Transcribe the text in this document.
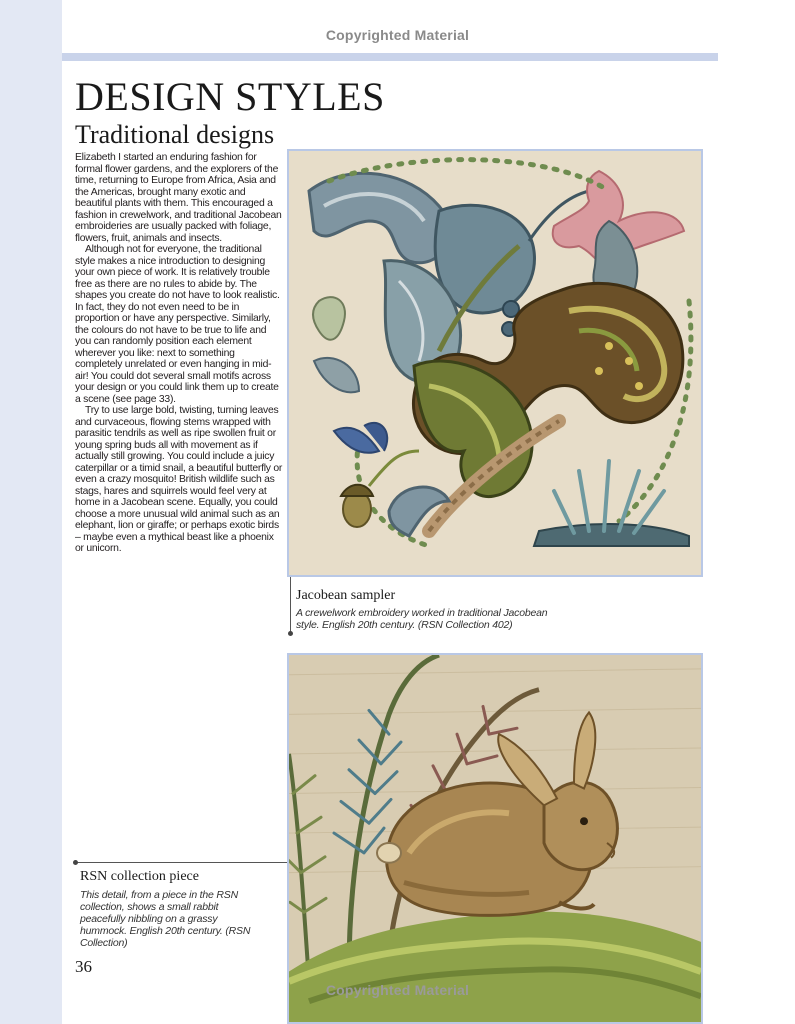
Copyrighted Material
DESIGN STYLES
Traditional designs

Elizabeth I started an enduring fashion for formal flower gardens, and the explorers of the time, returning to Europe from Africa, Asia and the Americas, brought many exotic and beautiful plants with them. This encouraged a fashion in crewelwork, and traditional Jacobean embroideries are usually packed with foliage, flowers, fruit, animals and insects.

Although not for everyone, the traditional style makes a nice introduction to designing your own piece of work. It is relatively trouble free as there are no rules to abide by. The shapes you create do not have to look realistic. In fact, they do not even need to be in proportion or have any perspective. Similarly, the colours do not have to be true to life and you can randomly position each element wherever you like: next to something completely unrelated or even hanging in mid-air! You could dot several small motifs across your design or you could link them up to create a scene (see page 33).

Try to use large bold, twisting, turning leaves and curvaceous, flowing stems wrapped with parasitic tendrils as well as ripe swollen fruit or young spring buds all with movement as if actually still growing. You could include a juicy caterpillar or a timid snail, a beautiful butterfly or even a crazy mosquito! British wildlife such as stags, hares and squirrels would feel very at home in a Jacobean scene. Equally, you could choose a more unusual wild animal such as an elephant, lion or giraffe; or perhaps exotic birds – maybe even a mythical beast like a phoenix or unicorn.

Jacobean sampler
A crewelwork embroidery worked in traditional Jacobean style. English 20th century. (RSN Collection 402)
RSN collection piece
This detail, from a piece in the RSN collection, shows a small rabbit peacefully nibbling on a grassy hummock. English 20th century. (RSN Collection)
36
Copyrighted Material
